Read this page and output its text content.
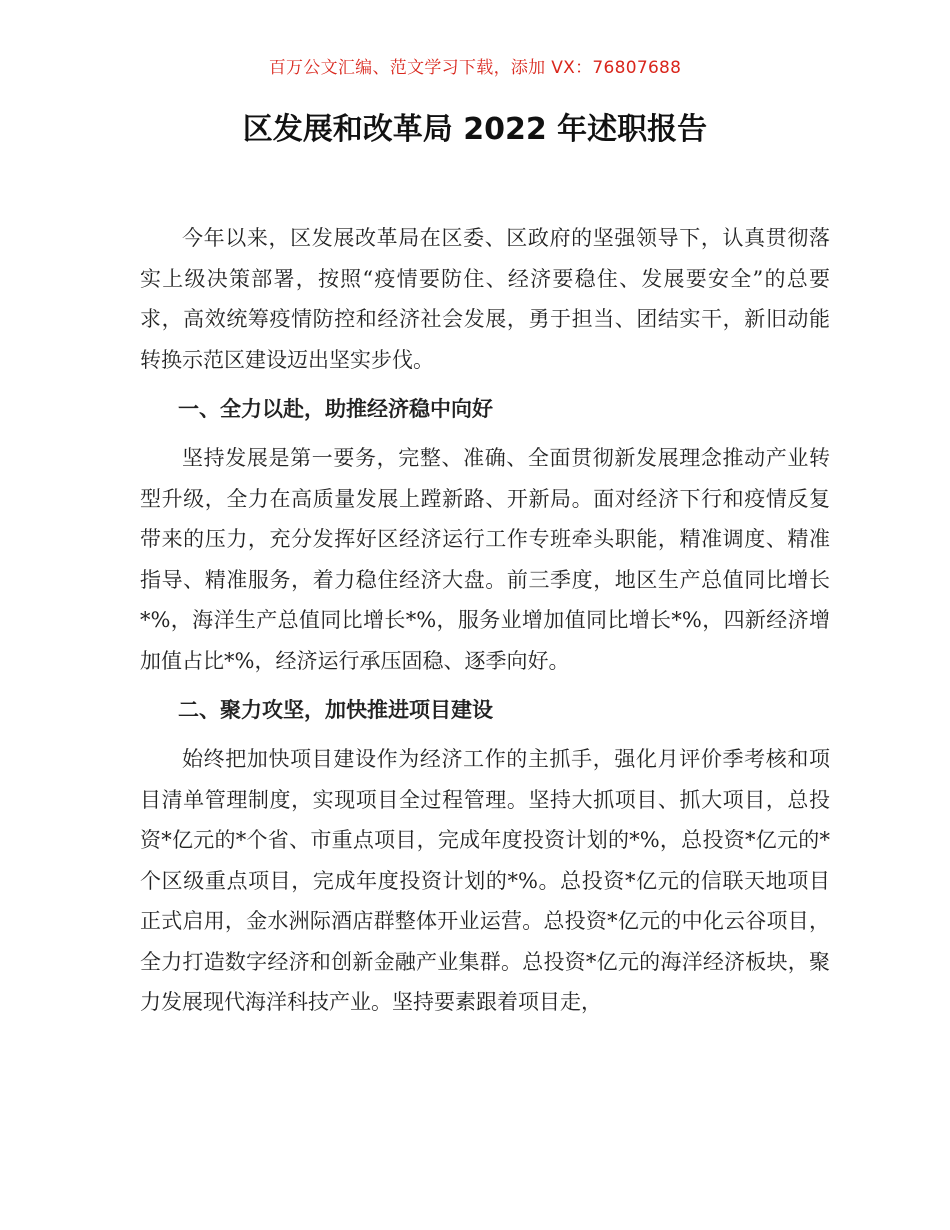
百万公文汇编、范文学习下载，添加 VX：76807688
区发展和改革局 2022 年述职报告

今年以来，区发展改革局在区委、区政府的坚强领导下，认真贯彻落实上级决策部署，按照“疫情要防住、经济要稳住、发展要安全”的总要求，高效统筹疫情防控和经济社会发展，勇于担当、团结实干，新旧动能转换示范区建设迈出坚实步伐。

一、全力以赴，助推经济稳中向好

坚持发展是第一要务，完整、准确、全面贯彻新发展理念推动产业转型升级，全力在高质量发展上蹚新路、开新局。面对经济下行和疫情反复带来的压力，充分发挥好区经济运行工作专班牵头职能，精准调度、精准指导、精准服务，着力稳住经济大盘。前三季度，地区生产总值同比增长*%，海洋生产总值同比增长*%，服务业增加值同比增长*%，四新经济增加值占比*%，经济运行承压固稳、逐季向好。

二、聚力攻坚，加快推进项目建设

始终把加快项目建设作为经济工作的主抓手，强化月评价季考核和项目清单管理制度，实现项目全过程管理。坚持大抓项目、抓大项目，总投资*亿元的*个省、市重点项目，完成年度投资计划的*%，总投资*亿元的*个区级重点项目，完成年度投资计划的*%。总投资*亿元的信联天地项目正式启用，金水洲际酒店群整体开业运营。总投资*亿元的中化云谷项目，全力打造数字经济和创新金融产业集群。总投资*亿元的海洋经济板块，聚力发展现代海洋科技产业。坚持要素跟着项目走，
